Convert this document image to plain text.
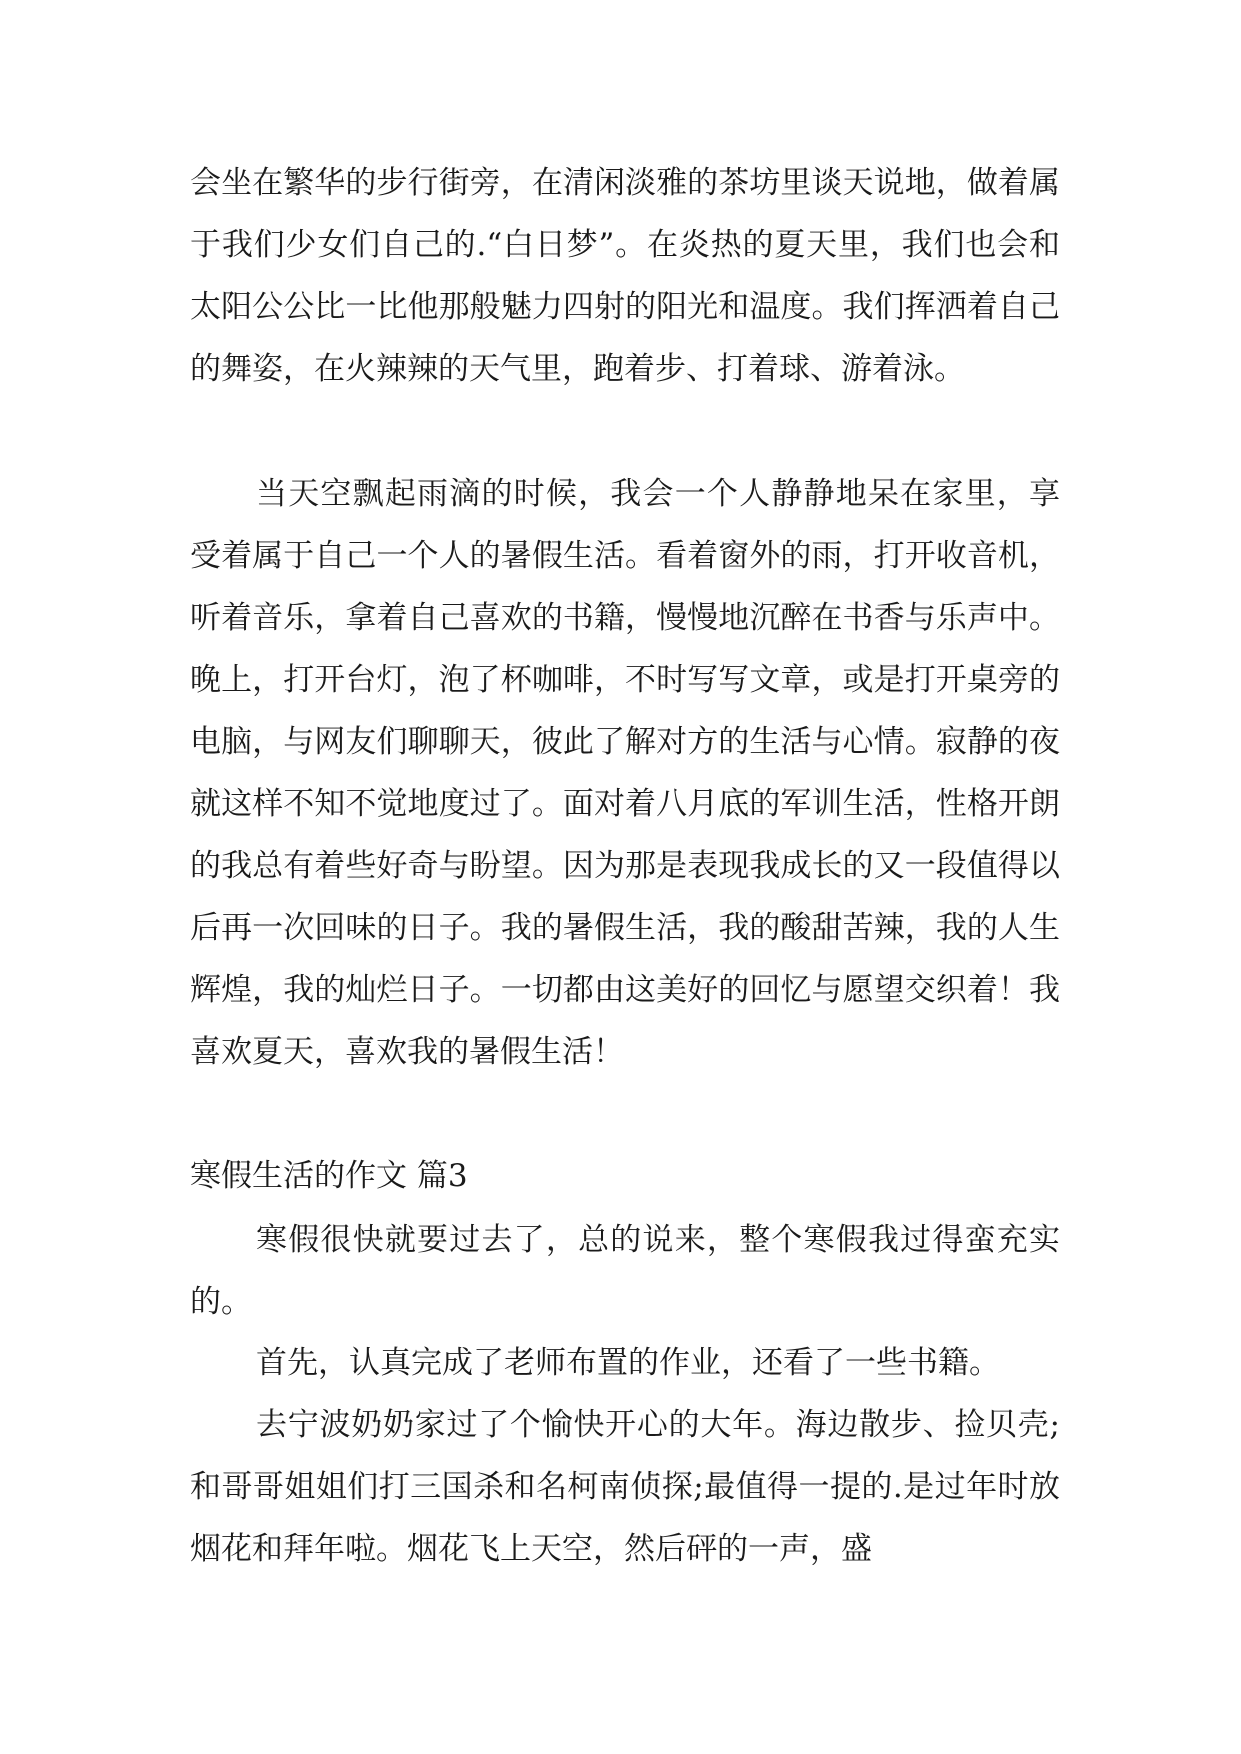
会坐在繁华的步行街旁，在清闲淡雅的茶坊里谈天说地，做着属于我们少女们自己的.“白日梦”。在炎热的夏天里，我们也会和太阳公公比一比他那般魅力四射的阳光和温度。我们挥洒着自己的舞姿，在火辣辣的天气里，跑着步、打着球、游着泳。

当天空飘起雨滴的时候，我会一个人静静地呆在家里，享受着属于自己一个人的暑假生活。看着窗外的雨，打开收音机，听着音乐，拿着自己喜欢的书籍，慢慢地沉醉在书香与乐声中。晚上，打开台灯，泡了杯咖啡，不时写写文章，或是打开桌旁的电脑，与网友们聊聊天，彼此了解对方的生活与心情。寂静的夜就这样不知不觉地度过了。面对着八月底的军训生活，性格开朗的我总有着些好奇与盼望。因为那是表现我成长的又一段值得以后再一次回味的日子。我的暑假生活，我的酸甜苦辣，我的人生辉煌，我的灿烂日子。一切都由这美好的回忆与愿望交织着！我喜欢夏天，喜欢我的暑假生活！

寒假生活的作文 篇3

寒假很快就要过去了，总的说来，整个寒假我过得蛮充实的。

首先，认真完成了老师布置的作业，还看了一些书籍。

去宁波奶奶家过了个愉快开心的大年。海边散步、捡贝壳;和哥哥姐姐们打三国杀和名柯南侦探;最值得一提的.是过年时放烟花和拜年啦。烟花飞上天空，然后砰的一声，盛
